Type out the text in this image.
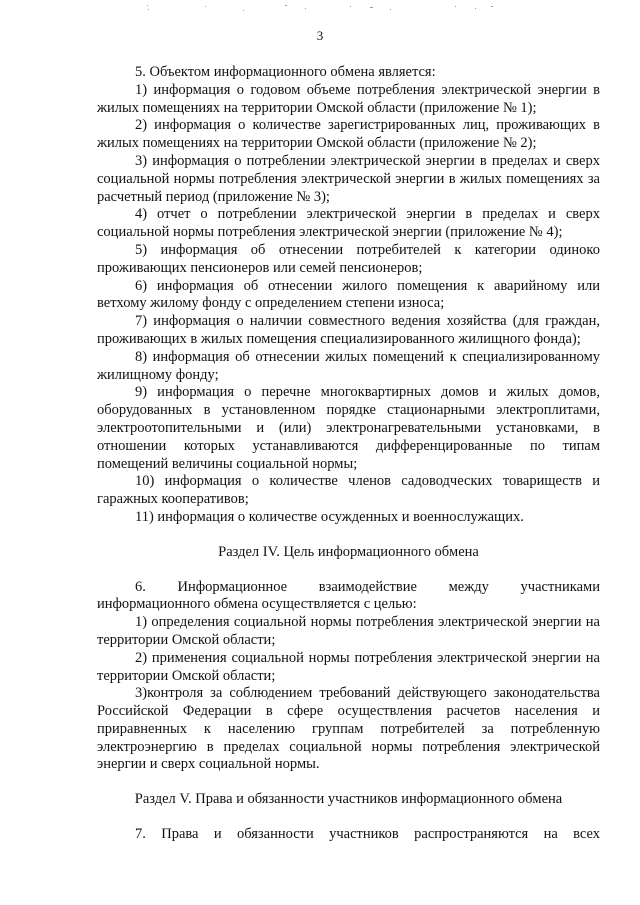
3

5. Объектом информационного обмена является:

1) информация о годовом объеме потребления электрической энергии в жилых помещениях на территории Омской области (приложение № 1);

2) информация о количестве зарегистрированных лиц, проживающих в жилых помещениях на территории Омской области (приложение № 2);

3) информация о потреблении электрической энергии в пределах и сверх социальной нормы потребления электрической энергии в жилых помещениях за расчетный период (приложение № 3);

4) отчет о потреблении электрической энергии в пределах и сверх социальной нормы потребления электрической энергии (приложение № 4);

5) информация об отнесении потребителей к категории одиноко проживающих пенсионеров или семей пенсионеров;

6) информация об отнесении жилого помещения к аварийному или ветхому жилому фонду с определением степени износа;

7) информация о наличии совместного ведения хозяйства (для граждан, проживающих в жилых помещения специализированного жилищного фонда);

8) информация об отнесении жилых помещений к специализированному жилищному фонду;

9) информация о перечне многоквартирных домов и жилых домов, оборудованных в установленном порядке стационарными электроплитами, электроотопительными и (или) электронагревательными установками, в отношении которых устанавливаются дифференцированные по типам помещений величины социальной нормы;

10) информация о количестве членов садоводческих товариществ и гаражных кооперативов;

11) информация о количестве осужденных и военнослужащих.

Раздел IV. Цель информационного обмена

6. Информационное взаимодействие между участниками информационного обмена осуществляется с целью:

1) определения социальной нормы потребления электрической энергии на территории Омской области;

2) применения социальной нормы потребления электрической энергии на территории Омской области;

3)контроля за соблюдением требований действующего законодательства Российской Федерации в сфере осуществления расчетов населения и приравненных к населению группам потребителей за потребленную электроэнергию в пределах социальной нормы потребления электрической энергии и сверх социальной нормы.

Раздел V. Права и обязанности участников информационного обмена

7. Права и обязанности участников распространяются на всех
